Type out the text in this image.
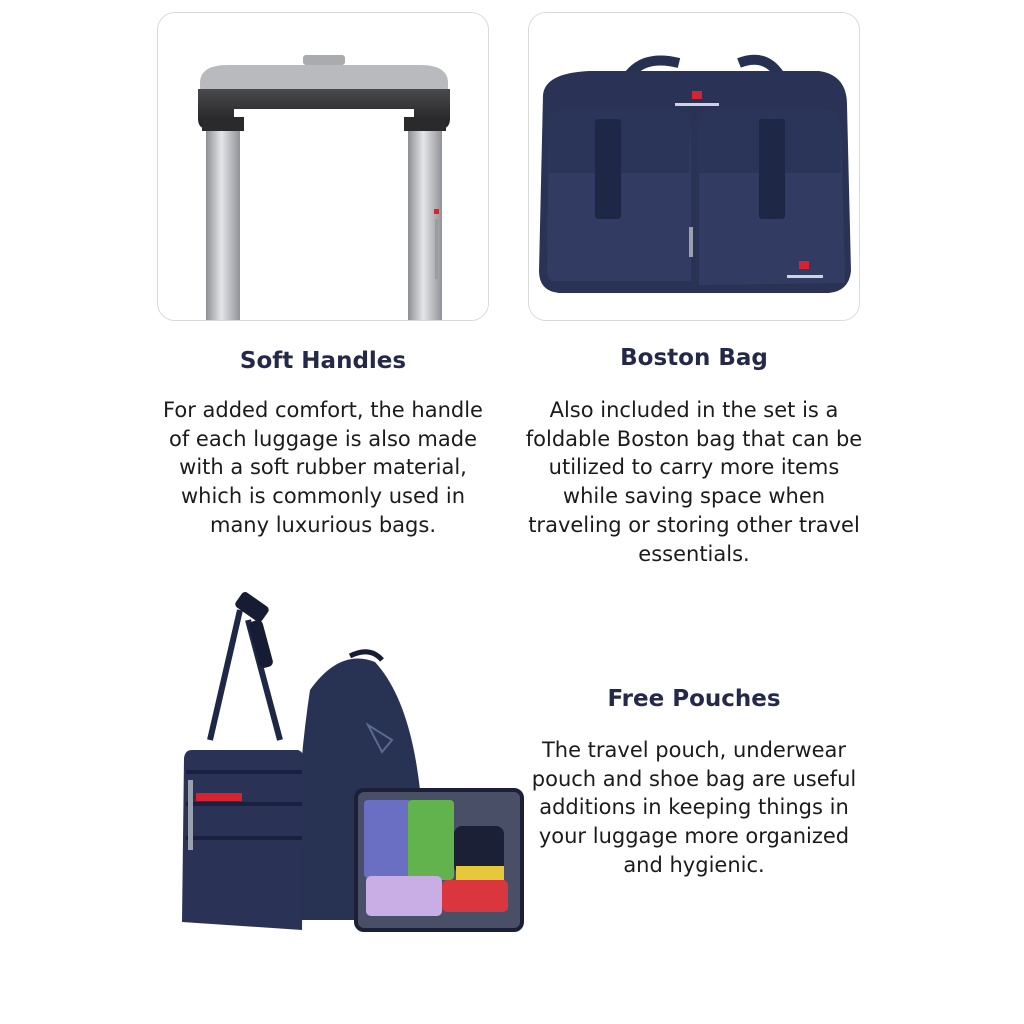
Soft Handles

For added comfort, the handle of each luggage is also made with a soft rubber material, which is commonly used in many luxurious bags.

Boston Bag

Also included in the set is a foldable Boston bag that can be utilized to carry more items while saving space when traveling or storing other travel essentials.

Free Pouches

The travel pouch, underwear pouch and shoe bag are useful additions in keeping things in your luggage more organized and hygienic.
